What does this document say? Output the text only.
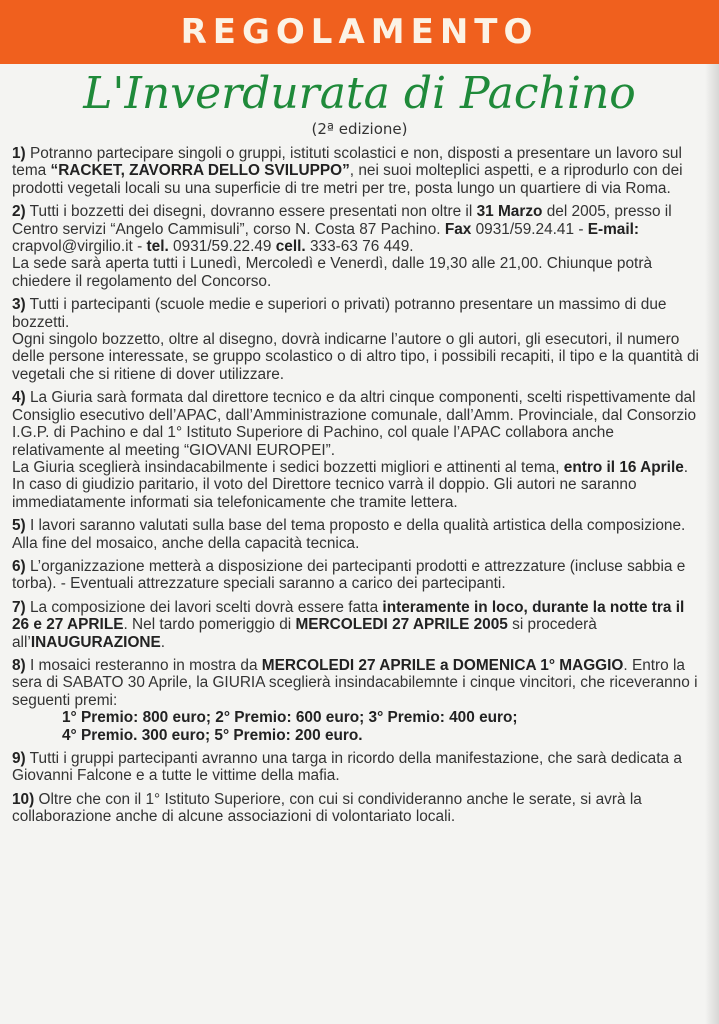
REGOLAMENTO
L'Inverdurata di Pachino
(2ª edizione)

1) Potranno partecipare singoli o gruppi, istituti scolastici e non, disposti a presentare un lavoro sul tema “RACKET, ZAVORRA DELLO SVILUPPO”, nei suoi molteplici aspetti, e a riprodurlo con dei prodotti vegetali locali su una superficie di tre metri per tre, posta lungo un quartiere di via Roma.

2) Tutti i bozzetti dei disegni, dovranno essere presentati non oltre il 31 Marzo del 2005, presso il Centro servizi “Angelo Cammisuli”, corso N. Costa 87 Pachino. Fax 0931/59.24.41 - E-mail: crapvol@virgilio.it - tel. 0931/59.22.49 cell. 333-63 76 449.

La sede sarà aperta tutti i Lunedì, Mercoledì e Venerdì, dalle 19,30 alle 21,00. Chiunque potrà chiedere il regolamento del Concorso.

3) Tutti i partecipanti (scuole medie e superiori o privati) potranno presentare un massimo di due bozzetti.

Ogni singolo bozzetto, oltre al disegno, dovrà indicarne l’autore o gli autori, gli esecutori, il numero delle persone interessate, se gruppo scolastico o di altro tipo, i possibili recapiti, il tipo e la quantità di vegetali che si ritiene di dover utilizzare.

4) La Giuria sarà formata dal direttore tecnico e da altri cinque componenti, scelti rispettivamente dal Consiglio esecutivo dell’APAC, dall’Amministrazione comunale, dall’Amm. Provinciale, dal Consorzio I.G.P. di Pachino e dal 1° Istituto Superiore di Pachino, col quale l’APAC collabora anche relativamente al meeting “GIOVANI EUROPEI”.

La Giuria sceglierà insindacabilmente i sedici bozzetti migliori e attinenti al tema, entro il 16 Aprile. In caso di giudizio paritario, il voto del Direttore tecnico varrà il doppio. Gli autori ne saranno immediatamente informati sia telefonicamente che tramite lettera.

5) I lavori saranno valutati sulla base del tema proposto e della qualità artistica della composizione. Alla fine del mosaico, anche della capacità tecnica.

6) L’organizzazione metterà a disposizione dei partecipanti prodotti e attrezzature (incluse sabbia e torba). - Eventuali attrezzature speciali saranno a carico dei partecipanti.

7) La composizione dei lavori scelti dovrà essere fatta interamente in loco, durante la notte tra il 26 e 27 APRILE. Nel tardo pomeriggio di MERCOLEDI 27 APRILE 2005 si procederà all’INAUGURAZIONE.

8) I mosaici resteranno in mostra da MERCOLEDI 27 APRILE a DOMENICA 1° MAGGIO. Entro la sera di SABATO 30 Aprile, la GIURIA sceglierà insindacabilemnte i cinque vincitori, che riceveranno i seguenti premi:

1° Premio: 800 euro; 2° Premio: 600 euro; 3° Premio: 400 euro;

4° Premio. 300 euro; 5° Premio: 200 euro.

9) Tutti i gruppi partecipanti avranno una targa in ricordo della manifestazione, che sarà dedicata a Giovanni Falcone e a tutte le vittime della mafia.

10) Oltre che con il 1° Istituto Superiore, con cui si condivideranno anche le serate, si avrà la collaborazione anche di alcune associazioni di volontariato locali.
